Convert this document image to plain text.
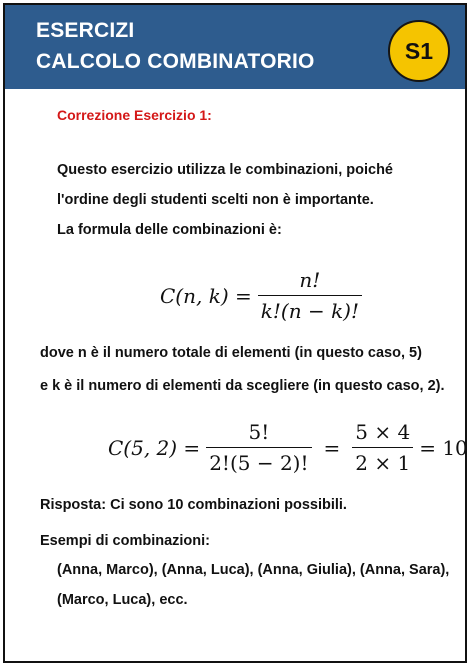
ESERCIZI
CALCOLO COMBINATORIO	S1
Correzione Esercizio 1:
Questo esercizio utilizza le combinazioni, poiché
l'ordine degli studenti scelti non è importante.
La formula delle combinazioni è:
C(n, $k) = \frac{n!}{k!(n - k)!}$
dove n è il numero totale di elementi (in questo caso, 5)
e k è il numero di elementi da scegliere (in questo caso, 2).
C(5, $2) = \frac{5!}{2!(5 - 2)!} = \frac{5 \times 4}{2 \times 1} = 10$
Risposta: Ci sono 10 combinazioni possibili.
Esempi di combinazioni:
(Anna, Marco), (Anna, Luca), (Anna, Giulia), (Anna, Sara),
(Marco, Luca), ecc.
